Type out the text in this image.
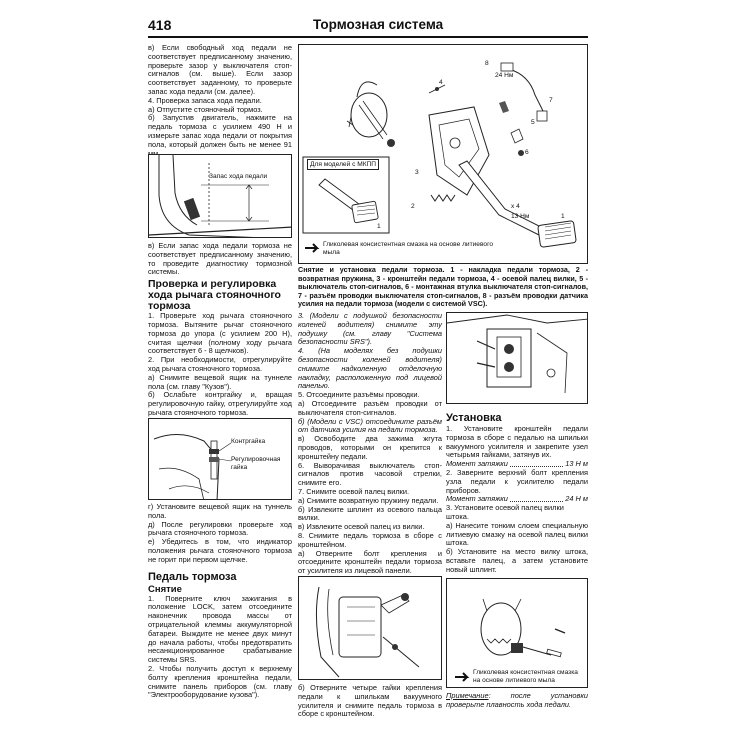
418	Тормозная система

в) Если свободный ход педали не соответствует предписанному значению, проверьте зазор у выключателя стоп-сигналов (см. выше). Если зазор соответствует заданному, то проверьте запас хода педали (см. далее).

4. Проверка запаса хода педали.

а) Отпустите стояночный тормоз.

б) Запустив двигатель, нажмите на педаль тормоза с усилием 490 Н и измерьте запас хода педали от покрытия пола, который должен быть не менее 91

Запас хода педали

в) Если запас хода педали тормоза не соответствует предписанному значению, то проведите диагностику тормозной системы.

Проверка и регулировка хода рычага стояночного тормоза

1. Проверьте ход рычага стояночного тормоза. Вытяните рычаг стояночного тормоза до упора (с усилием 200 Н), считая щелчки (полному ходу рычага соответствует 6 - 8 щелчков).

2. При необходимости, отрегулируйте ход рычага стояночного тормоза.

а) Снимите вещевой ящик на туннеле пола (см. главу "Кузов").

б) Ослабьте контргайку и, вращая регулировочную гайку, отрегулируйте ход рычага стояночного тормоза.

Контргайка
Регулировочная гайка

г) Установите вещевой ящик на туннель пола.

д) После регулировки проверьте ход рычага стояночного тормоза.

е) Убедитесь в том, что индикатор положения рычага стояночного тормоза не горит при первом щелчке.

Педаль тормоза

Снятие

1. Поверните ключ зажигания в положение LOCK, затем отсоедините наконечник провода массы от отрицательной клеммы аккумуляторной батареи. Выждите не менее двух минут до начала работы, чтобы предотвратить несанкционированное срабатывание системы SRS.

2. Чтобы получить доступ к верхнему болту крепления кронштейна педали, снимите панель приборов (см. главу "Электрооборудование кузова").

8
7
5
6
3
4
2
1
1
24 Нм
x 4
13 Нм
Для моделей с МКПП
Гликолевая консистентная смазка на основе литиевого мыла

Снятие и установка педали тормоза. 1 - накладка педали тормоза, 2 - возвратная пружина, 3 - кронштейн педали тормоза, 4 - осевой палец вилки, 5 - выключатель стоп-сигналов, 6 - монтажная втулка выключателя стоп-сигналов, 7 - разъём проводки выключателя стоп-сигналов, 8 - разъём проводки датчика усилия на педали тормоза (модели с системой VSC).

3. (Модели с подушкой безопасности коленей водителя) снимите эту подушку (см. главу "Система безопасности SRS").

4. (На моделях без подушки безопасности коленей водителя) снимите надколенную отделочную накладку, расположенную под лицевой панелью.

5. Отсоедините разъёмы проводки.

а) Отсоедините разъём проводки от выключателя стоп-сигналов.

б) (Модели с VSC) отсоедините разъём от датчика усилия на педали тормоза.

в) Освободите два зажима жгута проводов, которыми он крепится к кронштейну педали.

6. Выворачивая выключатель стоп-сигналов против часовой стрелки, снимите его.

7. Снимите осевой палец вилки.

а) Снимите возвратную пружину педали.

б) Извлеките шплинт из осевого пальца вилки.

в) Извлеките осевой палец из вилки.

8. Снимите педаль тормоза в сборе с кронштейном.

а) Отверните болт крепления и отсоедините кронштейн педали тормоза от усилителя из лицевой панели.

б) Отверните четыре гайки крепления педали к шпилькам вакуумного усилителя и снимите педаль тормоза в сборе с кронштейном.

Установка

1. Установите кронштейн педали тормоза в сборе с педалью на шпильки вакуумного усилителя и закрепите узел четырьмя гайками, затянув их.

Момент затяжки	13 Н м

2. Заверните верхний болт крепления узла педали к усилителю педали приборов.

Момент затяжки	24 Н м

3. Установите осевой палец вилки штока.

а) Нанесите тонким слоем специальную литиевую смазку на осевой палец вилки штока.

б) Установите на место вилку штока, вставьте палец, а затем установите новый шплинт.

Гликолевая консистентная смазка на основе литиевого мыла

Примечание: после установки проверьте плавность хода педали.
